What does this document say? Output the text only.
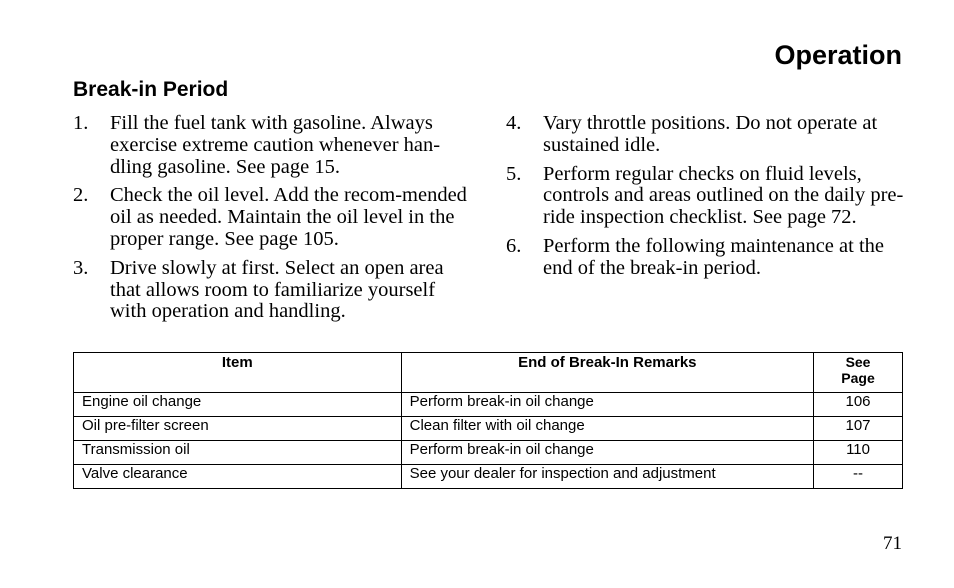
Operation
Break-in Period
1. Fill the fuel tank with gasoline. Always exercise extreme caution whenever han-dling gasoline. See page 15.
2. Check the oil level. Add the recom-mended oil as needed. Maintain the oil level in the proper range. See page 105.
3. Drive slowly at first. Select an open area that allows room to familiarize yourself with operation and handling.
4. Vary throttle positions. Do not operate at sustained idle.
5. Perform regular checks on fluid levels, controls and areas outlined on the daily pre-ride inspection checklist. See page 72.
6. Perform the following maintenance at the end of the break-in period.
Item	End of Break-In Remarks	See
Page
Engine oil change	Perform break-in oil change	106
Oil pre-filter screen	Clean filter with oil change	107
Transmission oil	Perform break-in oil change	110
Valve clearance	See your dealer for inspection and adjustment	--
71
